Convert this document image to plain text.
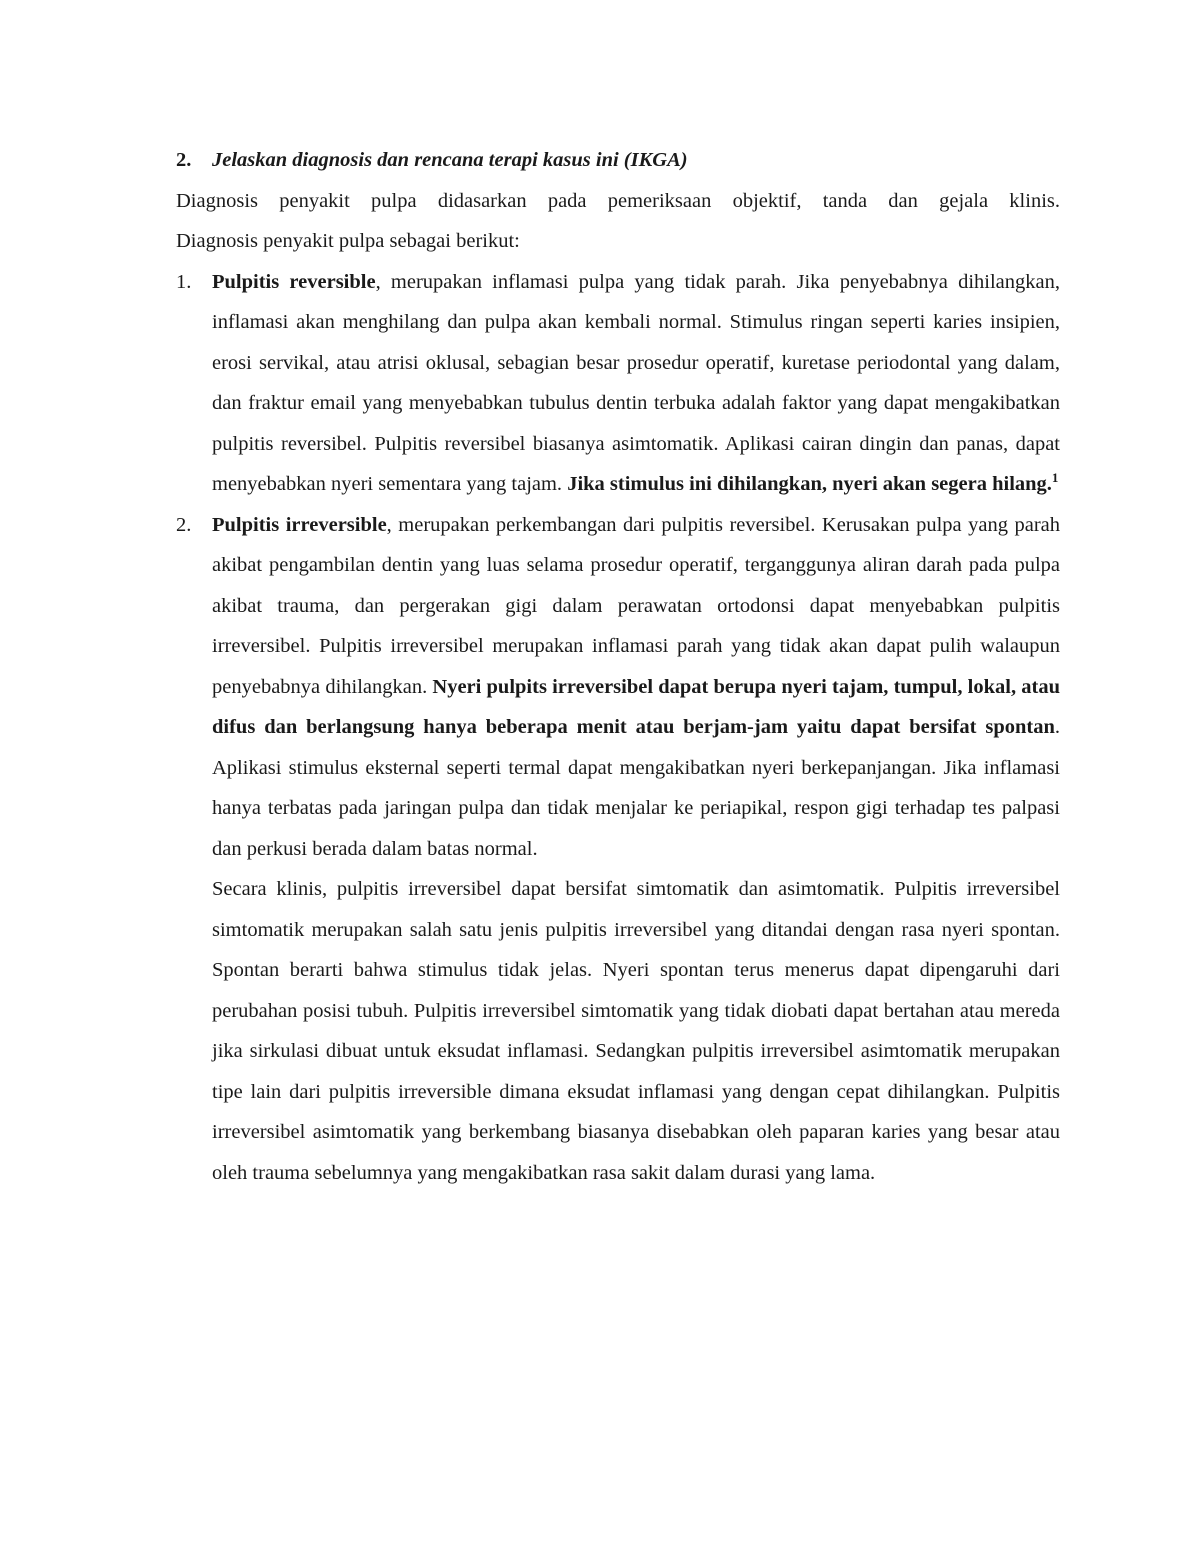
2.	Jelaskan diagnosis dan rencana terapi kasus ini (IKGA)

Diagnosis penyakit pulpa didasarkan pada pemeriksaan objektif, tanda dan gejala klinis.

Diagnosis penyakit pulpa sebagai berikut:

1.	Pulpitis reversible, merupakan inflamasi pulpa yang tidak parah. Jika penyebabnya dihilangkan, inflamasi akan menghilang dan pulpa akan kembali normal. Stimulus ringan seperti karies insipien, erosi servikal, atau atrisi oklusal, sebagian besar prosedur operatif, kuretase periodontal yang dalam, dan fraktur email yang menyebabkan tubulus dentin terbuka adalah faktor yang dapat mengakibatkan pulpitis reversibel. Pulpitis reversibel biasanya asimtomatik. Aplikasi cairan dingin dan panas, dapat menyebabkan nyeri sementara yang tajam. Jika stimulus ini dihilangkan, nyeri akan segera hilang.$^1$
2.	Pulpitis irreversible, merupakan perkembangan dari pulpitis reversibel. Kerusakan pulpa yang parah akibat pengambilan dentin yang luas selama prosedur operatif, terganggunya aliran darah pada pulpa akibat trauma, dan pergerakan gigi dalam perawatan ortodonsi dapat menyebabkan pulpitis irreversibel. Pulpitis irreversibel merupakan inflamasi parah yang tidak akan dapat pulih walaupun penyebabnya dihilangkan. Nyeri pulpits irreversibel dapat berupa nyeri tajam, tumpul, lokal, atau difus dan berlangsung hanya beberapa menit atau berjam-jam yaitu dapat bersifat spontan. Aplikasi stimulus eksternal seperti termal dapat mengakibatkan nyeri berkepanjangan. Jika inflamasi hanya terbatas pada jaringan pulpa dan tidak menjalar ke periapikal, respon gigi terhadap tes palpasi dan perkusi berada dalam batas normal.

Secara klinis, pulpitis irreversibel dapat bersifat simtomatik dan asimtomatik. Pulpitis irreversibel simtomatik merupakan salah satu jenis pulpitis irreversibel yang ditandai dengan rasa nyeri spontan. Spontan berarti bahwa stimulus tidak jelas. Nyeri spontan terus menerus dapat dipengaruhi dari perubahan posisi tubuh. Pulpitis irreversibel simtomatik yang tidak diobati dapat bertahan atau mereda jika sirkulasi dibuat untuk eksudat inflamasi. Sedangkan pulpitis irreversibel asimtomatik merupakan tipe lain dari pulpitis irreversible dimana eksudat inflamasi yang dengan cepat dihilangkan. Pulpitis irreversibel asimtomatik yang berkembang biasanya disebabkan oleh paparan karies yang besar atau oleh trauma sebelumnya yang mengakibatkan rasa sakit dalam durasi yang lama.
